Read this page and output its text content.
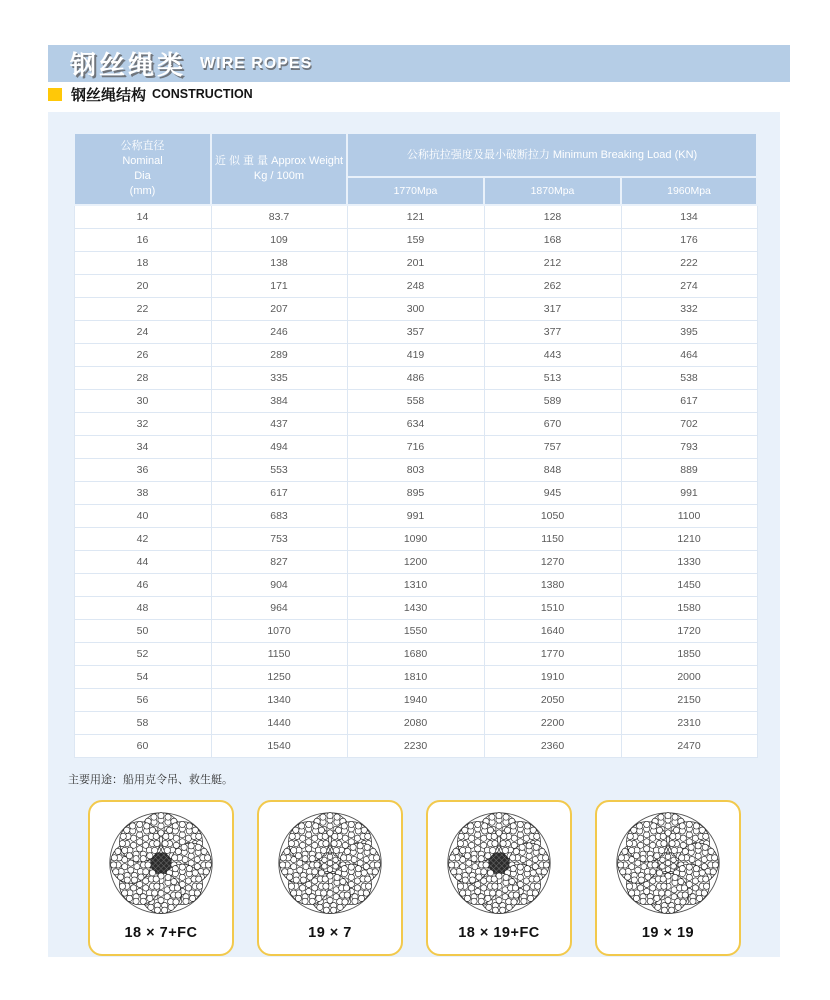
钢丝绳类 WIRE ROPES
钢丝绳结构 CONSTRUCTION
公称直径
Nominal
Dia
(mm)

近 似 重 量 Approx Weight
Kg / 100m
	公称抗拉强度及最小破断拉力 Minimum Breaking Load (KN)
		1770Mpa	1870Mpa	1960Mpa
14	83.7	121	128	134
16	109	159	168	176
18	138	201	212	222
20	171	248	262	274
22	207	300	317	332
24	246	357	377	395
26	289	419	443	464
28	335	486	513	538
30	384	558	589	617
32	437	634	670	702
34	494	716	757	793
36	553	803	848	889
38	617	895	945	991
40	683	991	1050	1100
42	753	1090	1150	1210
44	827	1200	1270	1330
46	904	1310	1380	1450
48	964	1430	1510	1580
50	1070	1550	1640	1720
52	1150	1680	1770	1850
54	1250	1810	1910	2000
56	1340	1940	2050	2150
58	1440	2080	2200	2310
60	1540	2230	2360	2470
主要用途：船用克令吊、救生艇。
18 × 7+FC	19 × 7	18 × 19+FC	19 × 19
